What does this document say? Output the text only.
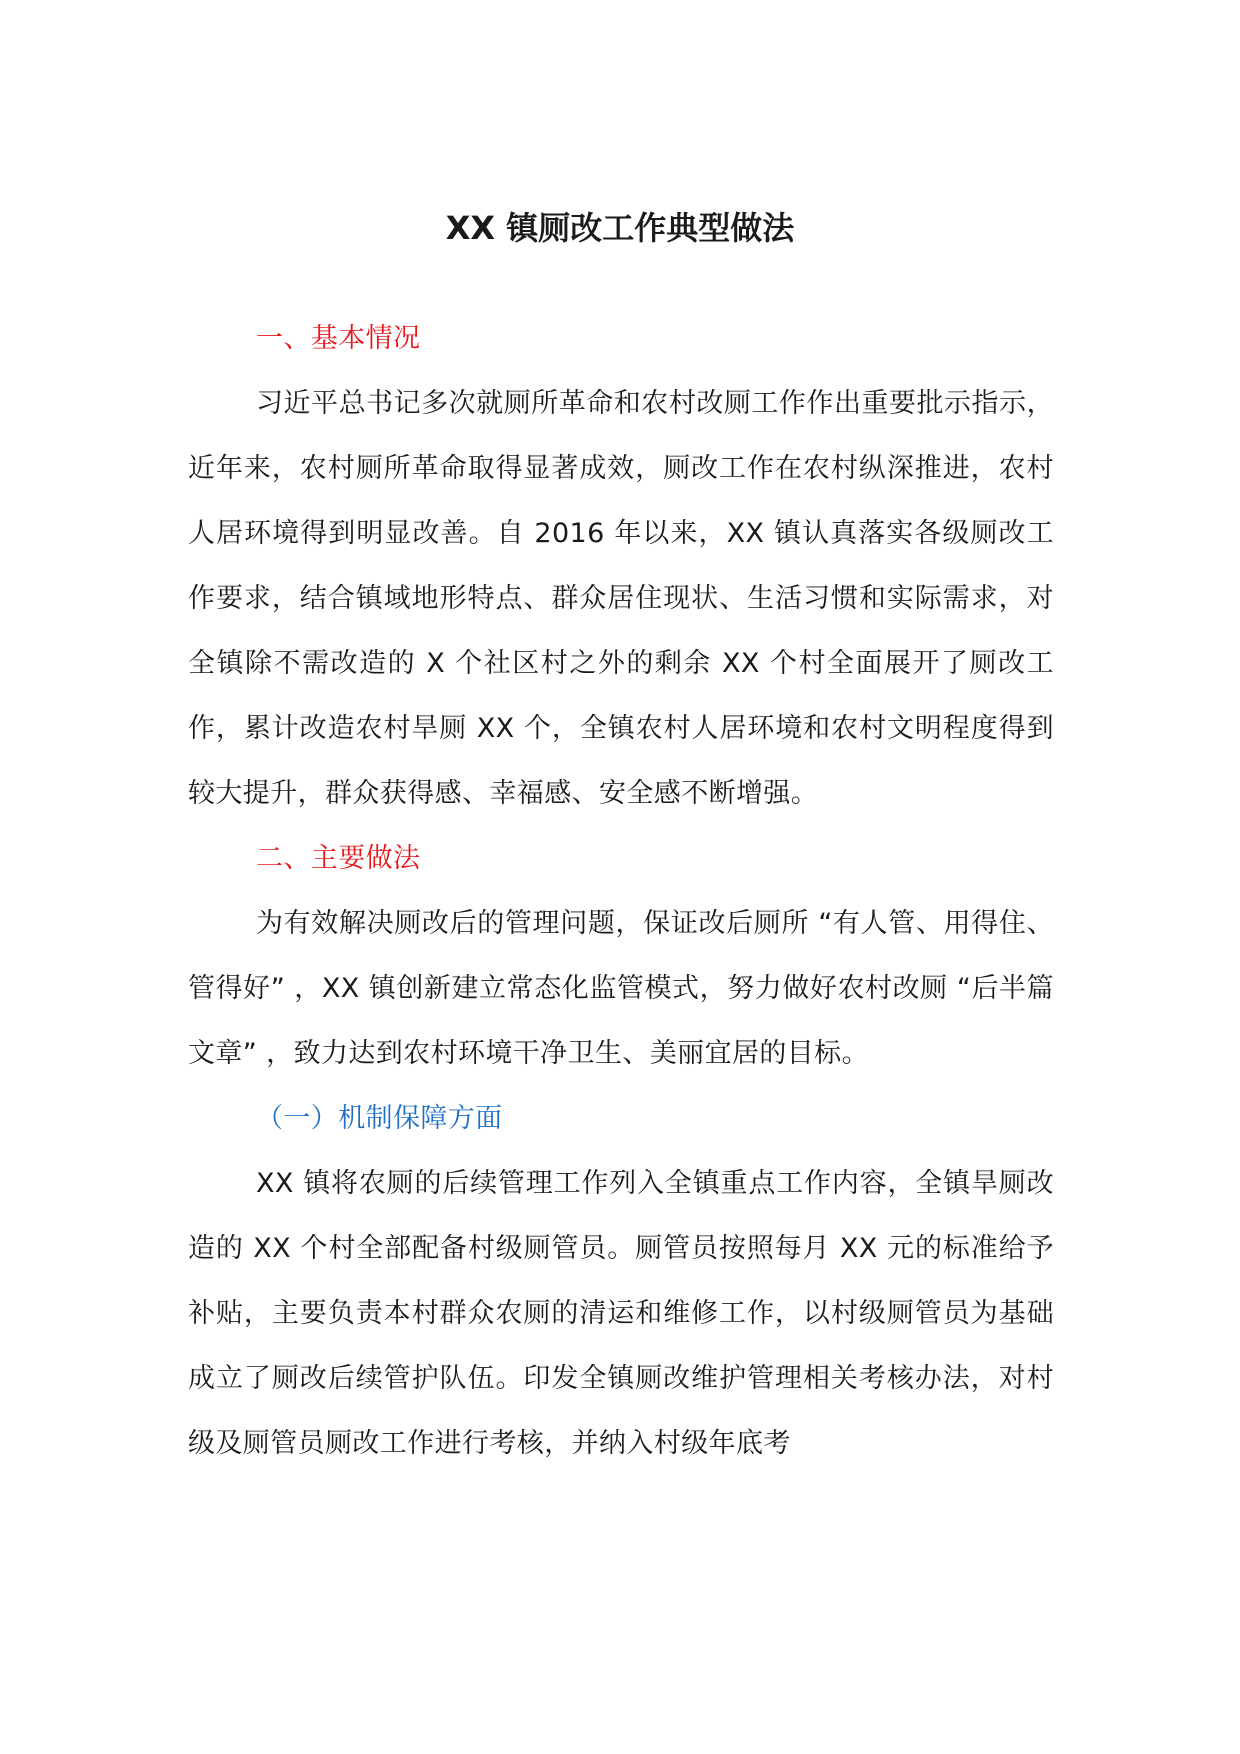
XX 镇厕改工作典型做法
一、基本情况

习近平总书记多次就厕所革命和农村改厕工作作出重要批示指示，近年来，农村厕所革命取得显著成效，厕改工作在农村纵深推进，农村人居环境得到明显改善。自 2016 年以来，XX 镇认真落实各级厕改工作要求，结合镇域地形特点、群众居住现状、生活习惯和实际需求，对全镇除不需改造的 X 个社区村之外的剩余 XX 个村全面展开了厕改工作，累计改造农村旱厕 XX 个，全镇农村人居环境和农村文明程度得到较大提升，群众获得感、幸福感、安全感不断增强。

二、主要做法

为有效解决厕改后的管理问题，保证改后厕所 “有人管、用得住、管得好” ，XX 镇创新建立常态化监管模式，努力做好农村改厕 “后半篇文章” ，致力达到农村环境干净卫生、美丽宜居的目标。

（一）机制保障方面

XX 镇将农厕的后续管理工作列入全镇重点工作内容，全镇旱厕改造的 XX 个村全部配备村级厕管员。厕管员按照每月 XX 元的标准给予补贴，主要负责本村群众农厕的清运和维修工作，以村级厕管员为基础成立了厕改后续管护队伍。印发全镇厕改维护管理相关考核办法，对村级及厕管员厕改工作进行考核，并纳入村级年底考
